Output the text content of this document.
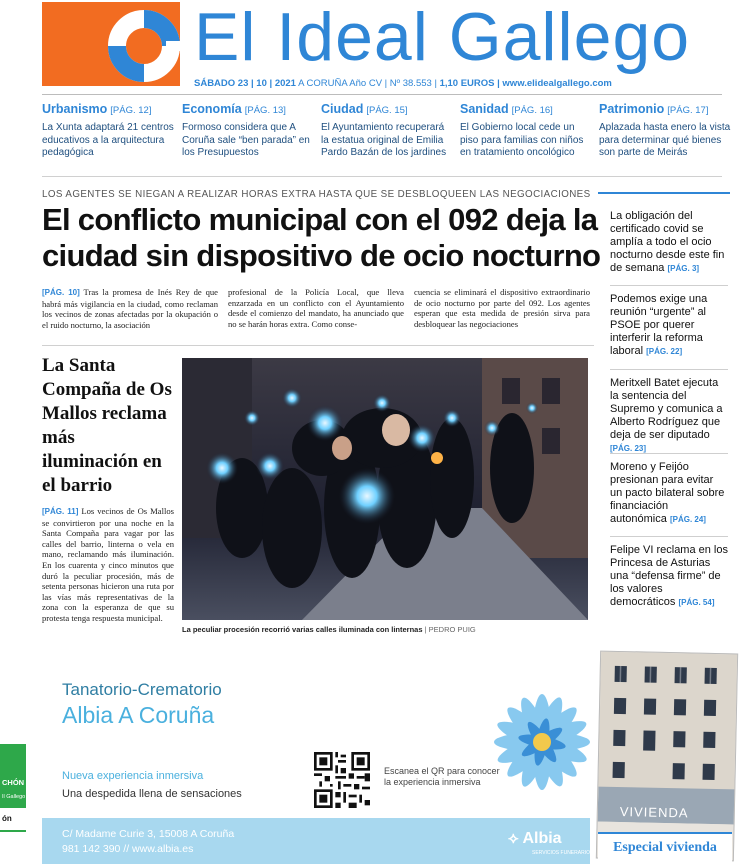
El Ideal Gallego
SÁBADO 23 | 10 | 2021 A CORUÑA Año CV | Nº 38.553 | 1,10 EUROS | www.elidealgallego.com
Urbanismo [PÁG. 12]
La Xunta adaptará 21 centros educativos a la arquitectura pedagógica
Economía [PÁG. 13]
Formoso considera que A Coruña sale “ben parada” en los Presupuestos
Ciudad [PÁG. 15]
El Ayuntamiento recuperará la estatua original de Emilia Pardo Bazán de los jardines
Sanidad [PÁG. 16]
El Gobierno local cede un piso para familias con niños en tratamiento oncológico
Patrimonio [PÁG. 17]
Aplazada hasta enero la vista para determinar qué bienes son parte de Meirás
LOS AGENTES SE NIEGAN A REALIZAR HORAS EXTRA HASTA QUE SE DESBLOQUEEN LAS NEGOCIACIONES
El conflicto municipal con el 092 deja la ciudad sin dispositivo de ocio nocturno
[PÁG. 10] Tras la promesa de Inés Rey de que habrá más vigilancia en la ciudad, como reclaman los vecinos de zonas afectadas por la okupación o el ruido nocturno, la asociación
profesional de la Policía Local, que lleva enzarzada en un conflicto con el Ayuntamiento desde el comienzo del mandato, ha anunciado que no se harán horas extra. Como conse-
cuencia se eliminará el dispositivo extraordinario de ocio nocturno por parte del 092. Los agentes esperan que esta medida de presión sirva para desbloquear las negociaciones
La Santa Compaña de Os Mallos reclama más iluminación en el barrio
[PÁG. 11] Los vecinos de Os Mallos se convirtieron por una noche en la Santa Compaña para vagar por las calles del barrio, linterna o vela en mano, reclamando más iluminación. En los cuarenta y cinco minutos que duró la peculiar procesión, más de setenta personas hicieron una ruta por las vías más representativas de la zona con la esperanza de que su protesta tenga respuesta municipal.
La peculiar procesión recorrió varias calles iluminada con linternas | PEDRO PUIG
La obligación del certificado covid se amplía a todo el ocio nocturno desde este fin de semana [PÁG. 3]
Podemos exige una reunión “urgente” al PSOE por querer interferir la reforma laboral [PÁG. 22]
Meritxell Batet ejecuta la sentencia del Supremo y comunica a Alberto Rodríguez que deja de ser diputado [PÁG. 23]
Moreno y Feijóo presionan para evitar un pacto bilateral sobre financiación autonómica [PÁG. 24]
Felipe VI reclama en los Princesa de Asturias una “defensa firme” de los valores democráticos [PÁG. 54]
Tanatorio-Crematorio
Albia A Coruña
Nueva experiencia inmersiva
Una despedida llena de sensaciones
Escanea el QR para conocer la experiencia inmersiva
C/ Madame Curie 3, 15008 A Coruña
981 142 390 // www.albia.es
⟡ Albia
SERVICIOS FUNERARIOS
CHÓN
Il Gallego
ón	VIVIENDA
Especial vivienda
